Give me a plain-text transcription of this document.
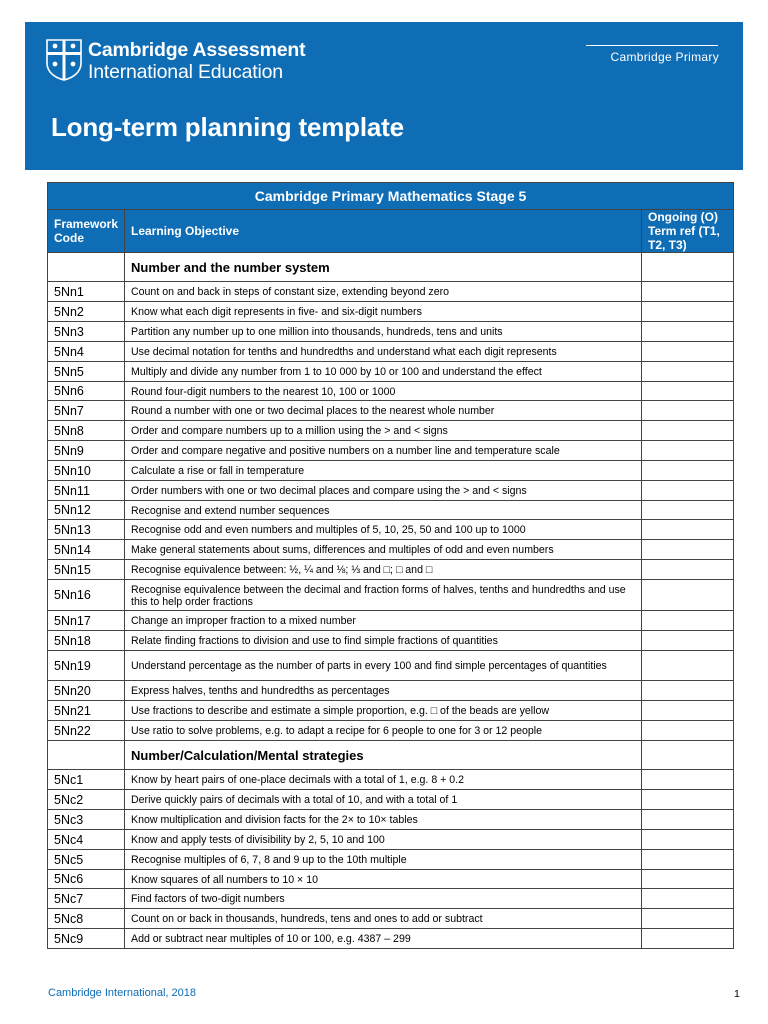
Cambridge Assessment
International Education
Cambridge Primary
Long-term planning template
Cambridge Primary Mathematics Stage 5		
Framework Code	Learning Objective	Ongoing (O) Term ref (T1, T2, T3)
	Number and the number system	
5Nn1	Count on and back in steps of constant size, extending beyond zero	
5Nn2	Know what each digit represents in five- and six-digit numbers	
5Nn3	Partition any number up to one million into thousands, hundreds, tens and units	
5Nn4	Use decimal notation for tenths and hundredths and understand what each digit represents	
5Nn5	Multiply and divide any number from 1 to 10 000 by 10 or 100 and understand the effect	
5Nn6	Round four-digit numbers to the nearest 10, 100 or 1000	
5Nn7	Round a number with one or two decimal places to the nearest whole number	
5Nn8	Order and compare numbers up to a million using the > and < signs	
5Nn9	Order and compare negative and positive numbers on a number line and temperature scale	
5Nn10	Calculate a rise or fall in temperature	
5Nn11	Order numbers with one or two decimal places and compare using the > and < signs	
5Nn12	Recognise and extend number sequences	
5Nn13	Recognise odd and even numbers and multiples of 5, 10, 25, 50 and 100 up to 1000	
5Nn14	Make general statements about sums, differences and multiples of odd and even numbers	
5Nn15	Recognise equivalence between: ½, ¼ and ⅛; ⅓ and □; □ and □	
5Nn16	Recognise equivalence between the decimal and fraction forms of halves, tenths and hundredths and use this to help order fractions	
5Nn17	Change an improper fraction to a mixed number	
5Nn18	Relate finding fractions to division and use to find simple fractions of quantities	
5Nn19	Understand percentage as the number of parts in every 100 and find simple percentages of quantities	
5Nn20	Express halves, tenths and hundredths as percentages	
5Nn21	Use fractions to describe and estimate a simple proportion, e.g. □ of the beads are yellow	
5Nn22	Use ratio to solve problems, e.g. to adapt a recipe for 6 people to one for 3 or 12 people	
	Number/Calculation/Mental strategies	
5Nc1	Know by heart pairs of one-place decimals with a total of 1, e.g. 8 + 0.2	
5Nc2	Derive quickly pairs of decimals with a total of 10, and with a total of 1	
5Nc3	Know multiplication and division facts for the 2× to 10× tables	
5Nc4	Know and apply tests of divisibility by 2, 5, 10 and 100	
5Nc5	Recognise multiples of 6, 7, 8 and 9 up to the 10th multiple	
5Nc6	Know squares of all numbers to 10 × 10	
5Nc7	Find factors of two-digit numbers	
5Nc8	Count on or back in thousands, hundreds, tens and ones to add or subtract	
5Nc9	Add or subtract near multiples of 10 or 100, e.g. 4387 – 299	
Cambridge International, 2018	1
